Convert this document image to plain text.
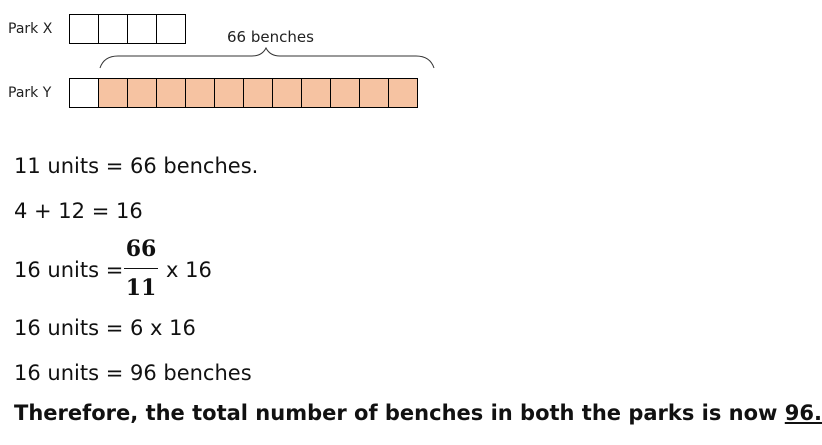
Park X	66 benches
Park Y
11 units = 66 benches.
4 + 12 = 16
16 units =
66
11
x 16
16 units = 6 x 16
16 units = 96 benches
Therefore, the total number of benches in both the parks is now 96.
